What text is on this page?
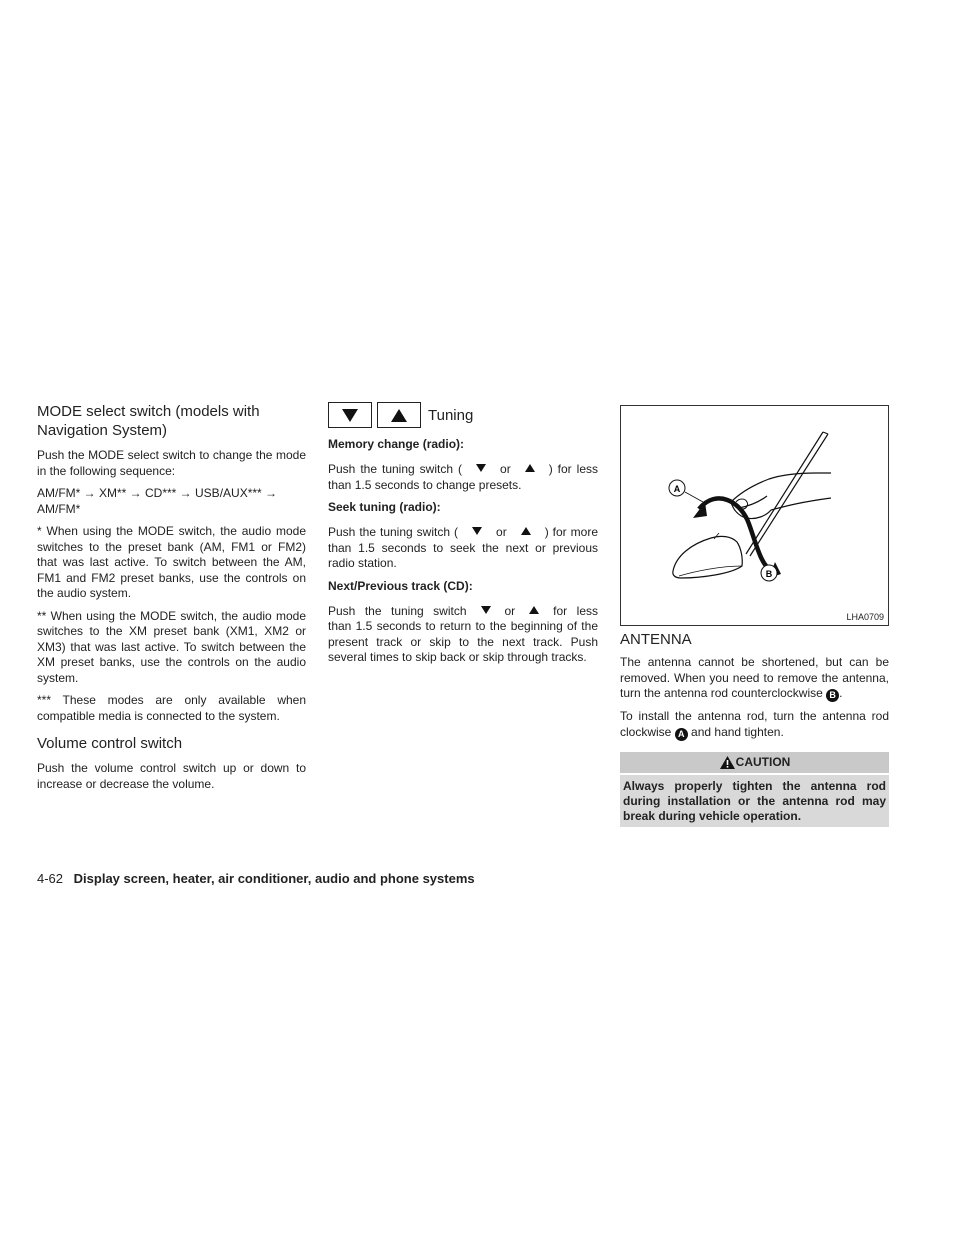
MODE select switch (models with Navigation System)

Push the MODE select switch to change the mode in the following sequence:

AM/FM* → XM** → CD*** → USB/AUX*** → AM/FM*

* When using the MODE switch, the audio mode switches to the preset bank (AM, FM1 or FM2) that was last active. To switch between the AM, FM1 and FM2 preset banks, use the controls on the audio system.

** When using the MODE switch, the audio mode switches to the XM preset bank (XM1, XM2 or XM3) that was last active. To switch between the XM preset banks, use the controls on the audio system.

*** These modes are only available when compatible media is connected to the system.

Volume control switch

Push the volume control switch up or down to increase or decrease the volume.

Tuning
Memory change (radio):

Push the tuning switch (	or	) for less than 1.5 seconds to change presets.

Seek tuning (radio):

Push the tuning switch (	or	) for more than 1.5 seconds to seek the next or previous radio station.

Next/Previous track (CD):

Push the tuning switch	or	for less than 1.5 seconds to return to the beginning of the present track or skip to the next track. Push several times to skip back or skip through tracks.

A
B
LHA0709
ANTENNA

The antenna cannot be shortened, but can be removed. When you need to remove the antenna, turn the antenna rod counterclockwise B .

To install the antenna rod, turn the antenna rod clockwise A and hand tighten.

CAUTION
Always properly tighten the antenna rod during installation or the antenna rod may break during vehicle operation.
4-62 Display screen, heater, air conditioner, audio and phone systems
